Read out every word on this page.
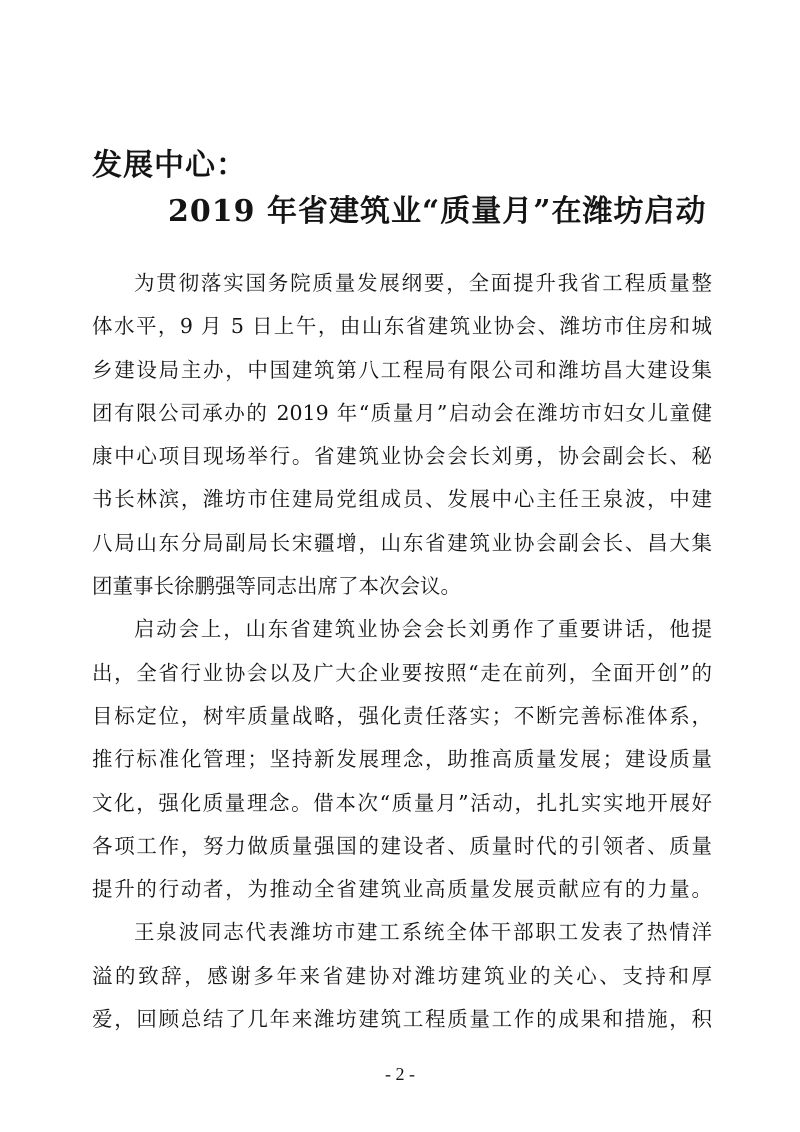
发展中心：
2019 年省建筑业“质量月”在潍坊启动
为贯彻落实国务院质量发展纲要，全面提升我省工程质量整
体水平，9 月 5 日上午，由山东省建筑业协会、潍坊市住房和城
乡建设局主办，中国建筑第八工程局有限公司和潍坊昌大建设集
团有限公司承办的 2019 年“质量月”启动会在潍坊市妇女儿童健
康中心项目现场举行。省建筑业协会会长刘勇，协会副会长、秘
书长林滨，潍坊市住建局党组成员、发展中心主任王泉波，中建
八局山东分局副局长宋疆增，山东省建筑业协会副会长、昌大集
团董事长徐鹏强等同志出席了本次会议。
启动会上，山东省建筑业协会会长刘勇作了重要讲话，他提
出，全省行业协会以及广大企业要按照“走在前列，全面开创”的
目标定位，树牢质量战略，强化责任落实；不断完善标准体系，
推行标准化管理；坚持新发展理念，助推高质量发展；建设质量
文化，强化质量理念。借本次“质量月”活动，扎扎实实地开展好
各项工作，努力做质量强国的建设者、质量时代的引领者、质量
提升的行动者，为推动全省建筑业高质量发展贡献应有的力量。
王泉波同志代表潍坊市建工系统全体干部职工发表了热情洋
溢的致辞，感谢多年来省建协对潍坊建筑业的关心、支持和厚
爱，回顾总结了几年来潍坊建筑工程质量工作的成果和措施，积
- 2 -
